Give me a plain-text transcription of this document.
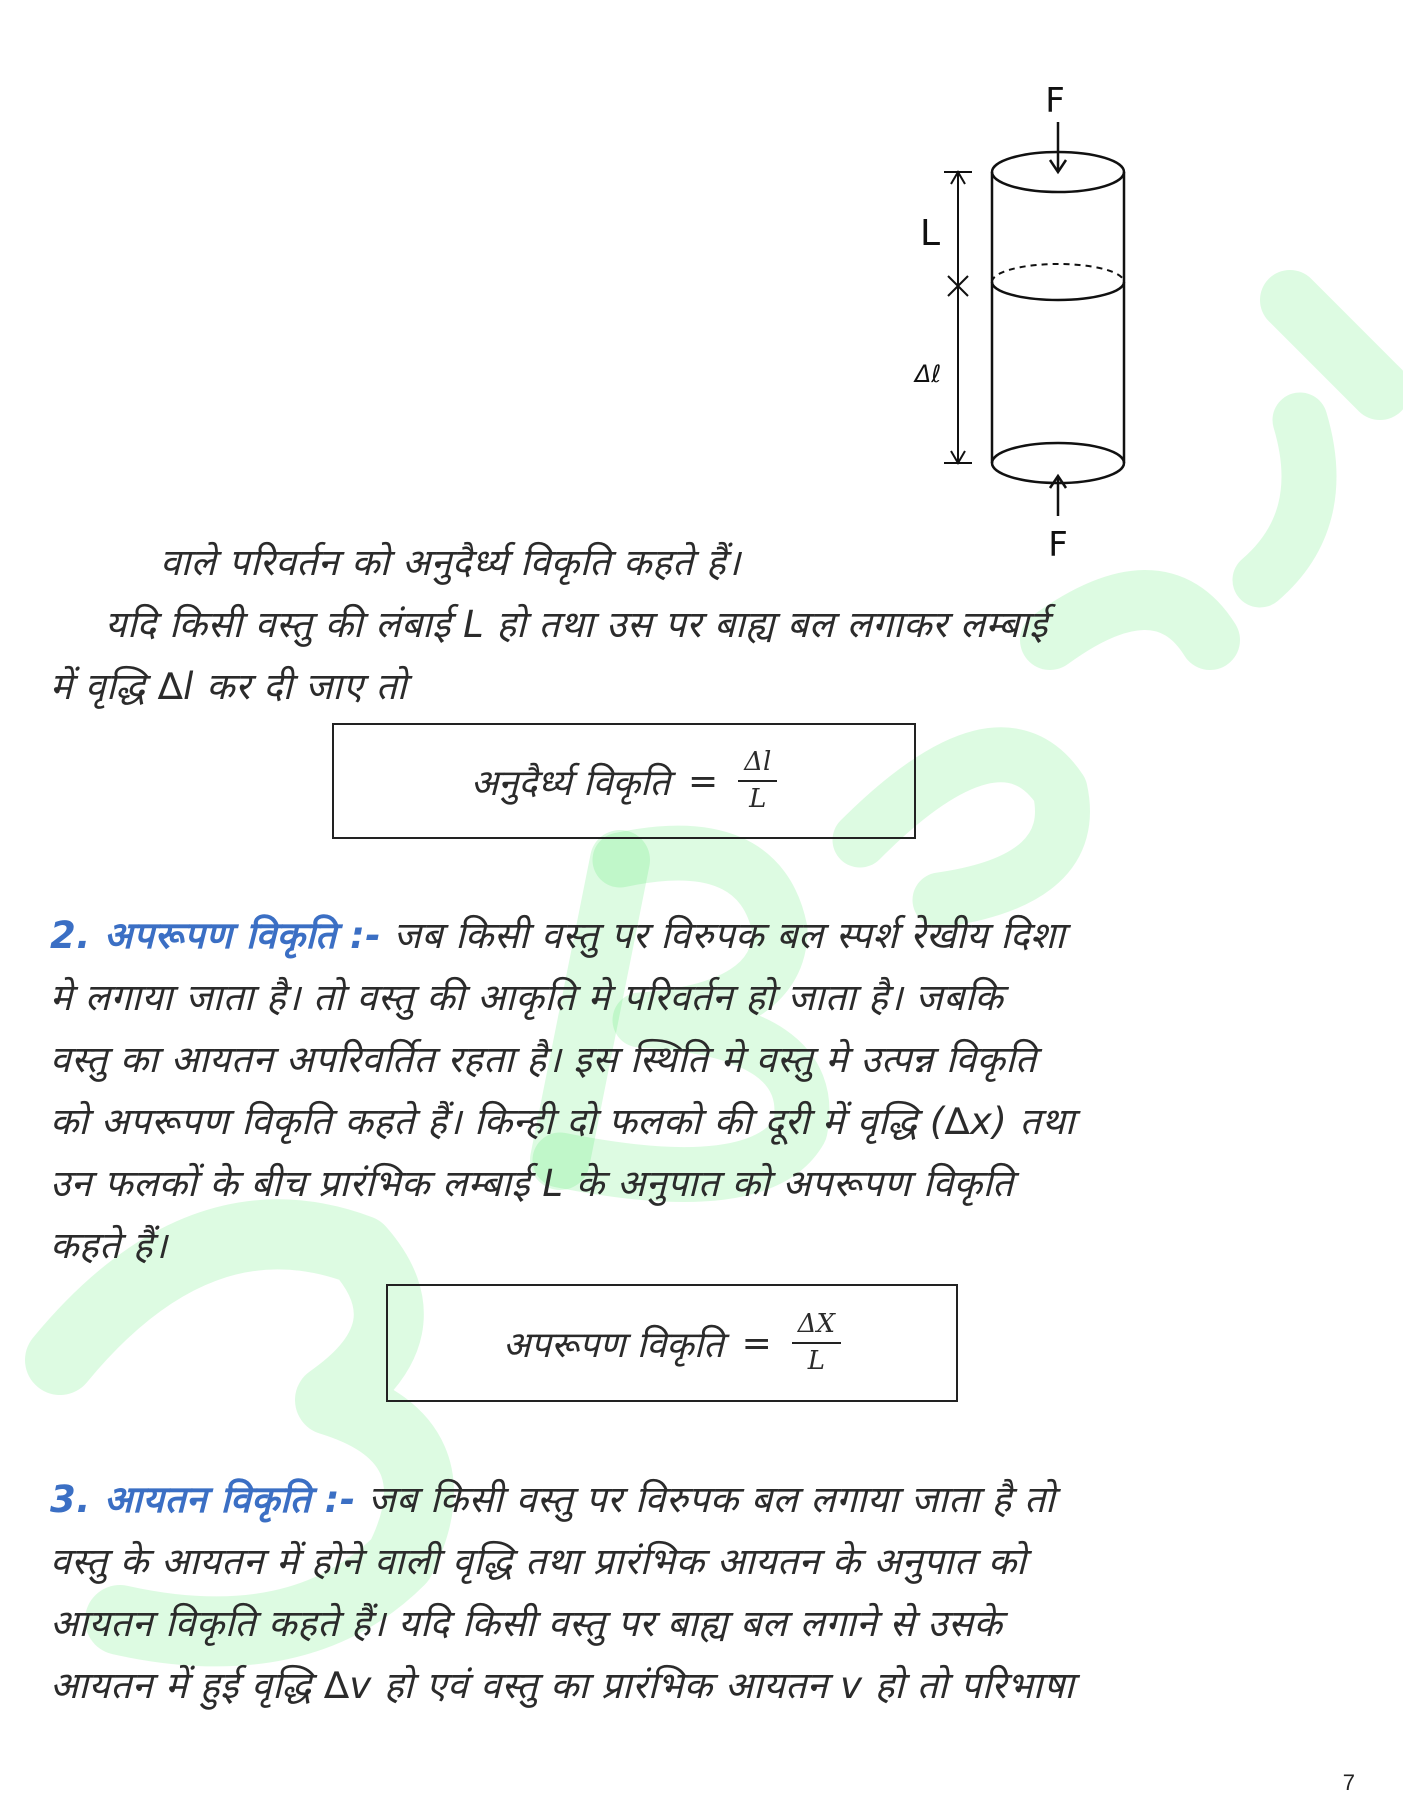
F
F
L
Δℓ
वाले परिवर्तन को अनुदैर्ध्य विकृति कहते हैं।
यदि किसी वस्तु की लंबाई L हो तथा उस पर बाह्य बल लगाकर लम्बाई
में वृद्धि ∆l कर दी जाए तो
अनुदैर्ध्य विकृति = $\frac{\Delta l}{L}$
2. अपरूपण विकृति :- जब किसी वस्तु पर विरुपक बल स्पर्श रेखीय दिशा
मे लगाया जाता है। तो वस्तु की आकृति मे परिवर्तन हो जाता है। जबकि
वस्तु का आयतन अपरिवर्तित रहता है। इस स्थिति मे वस्तु मे उत्पन्न विकृति
को अपरूपण विकृति कहते हैं। किन्ही दो फलको की दूरी में वृद्धि (∆x) तथा
उन फलकों के बीच प्रारंभिक लम्बाई L के अनुपात को अपरूपण विकृति
कहते हैं।
अपरूपण विकृति = $\frac{\Delta X}{L}$
3. आयतन विकृति :- जब किसी वस्तु पर विरुपक बल लगाया जाता है तो
वस्तु के आयतन में होने वाली वृद्धि तथा प्रारंभिक आयतन के अनुपात को
आयतन विकृति कहते हैं। यदि किसी वस्तु पर बाह्य बल लगाने से उसके
आयतन में हुई वृद्धि ∆v हो एवं वस्तु का प्रारंभिक आयतन v हो तो परिभाषा
7
